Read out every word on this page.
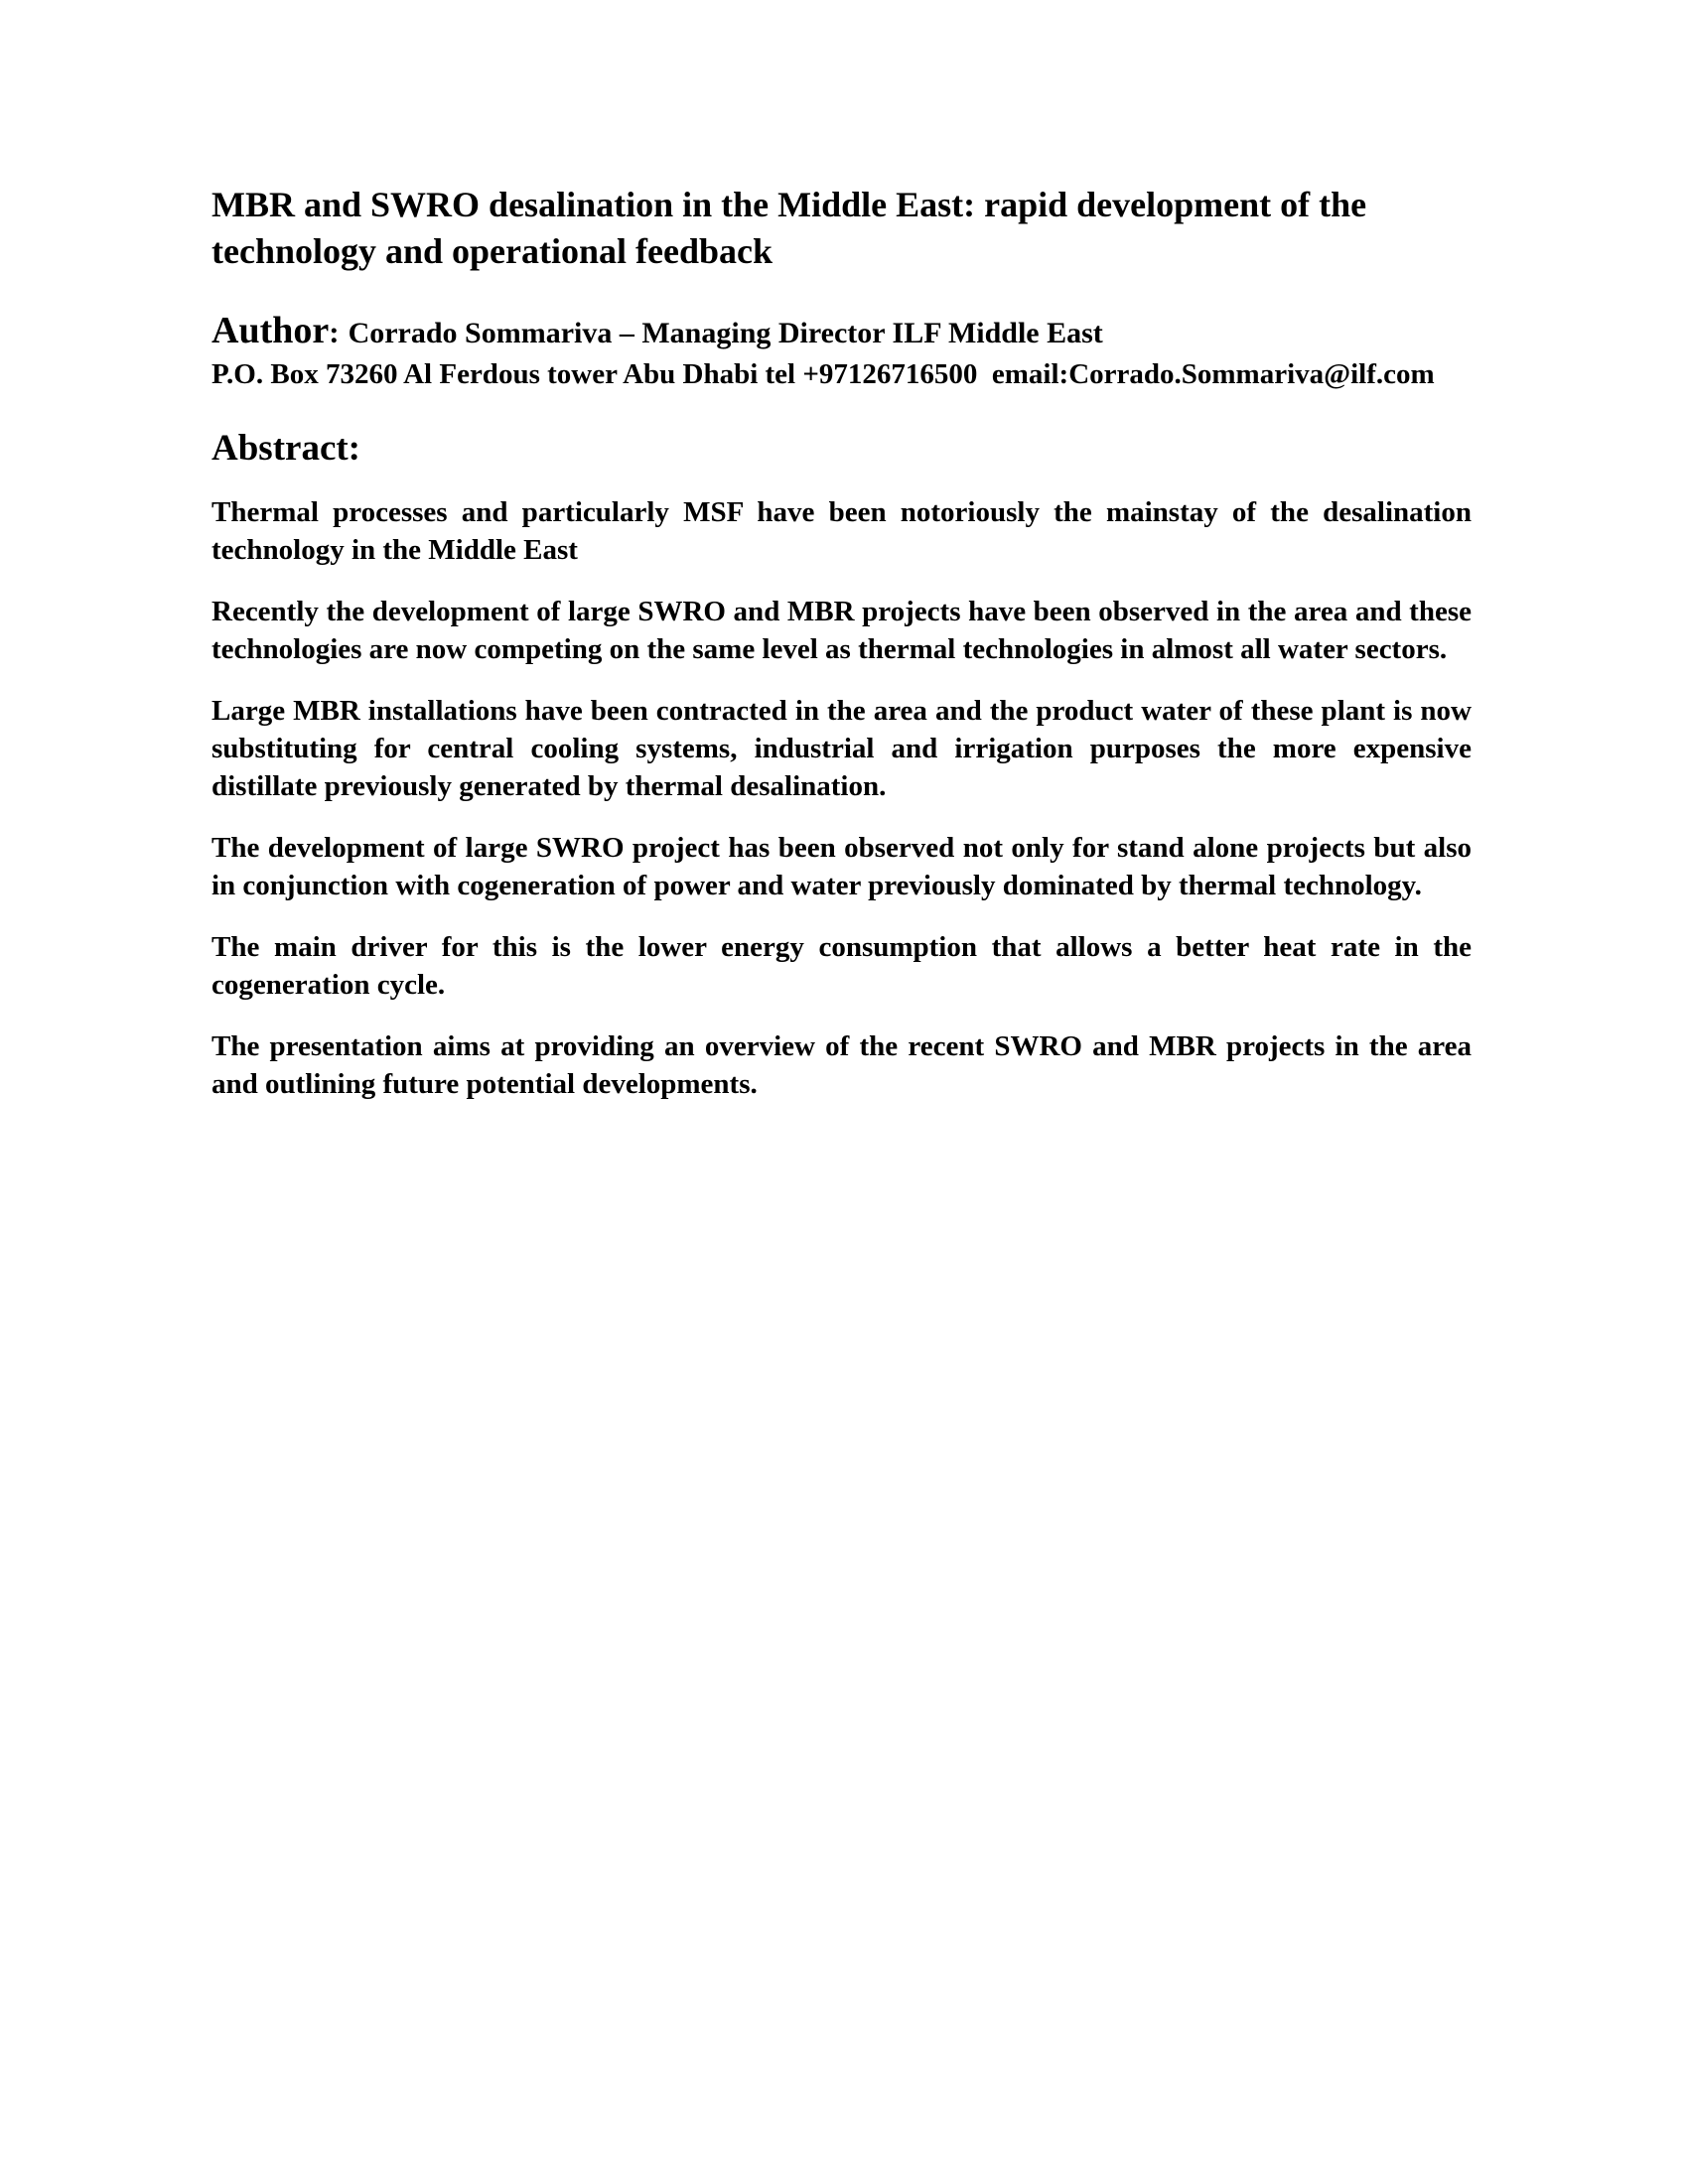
MBR and SWRO desalination in the Middle East: rapid development of the
technology and operational feedback
Author: Corrado Sommariva – Managing Director ILF Middle East
P.O. Box 73260 Al Ferdous tower Abu Dhabi tel +97126716500  email:Corrado.Sommariva@ilf.com
Abstract:
Thermal processes and particularly MSF have been notoriously the mainstay of the desalination
technology in the Middle East
Recently the development of large SWRO and MBR projects have been observed in the area and these
technologies are now competing on the same level as thermal technologies in almost all water sectors.
Large MBR installations have been contracted in the area and the product water of these plant is now
substituting for central cooling systems, industrial and irrigation purposes the more expensive
distillate previously generated by thermal desalination.
The development of large SWRO project has been observed not only for stand alone projects but also
in conjunction with cogeneration of power and water previously dominated by thermal technology.
The main driver for this is the lower energy consumption that allows a better heat rate in the
cogeneration cycle.
The presentation aims at providing an overview of the recent SWRO and MBR projects in the area
and outlining future potential developments.
